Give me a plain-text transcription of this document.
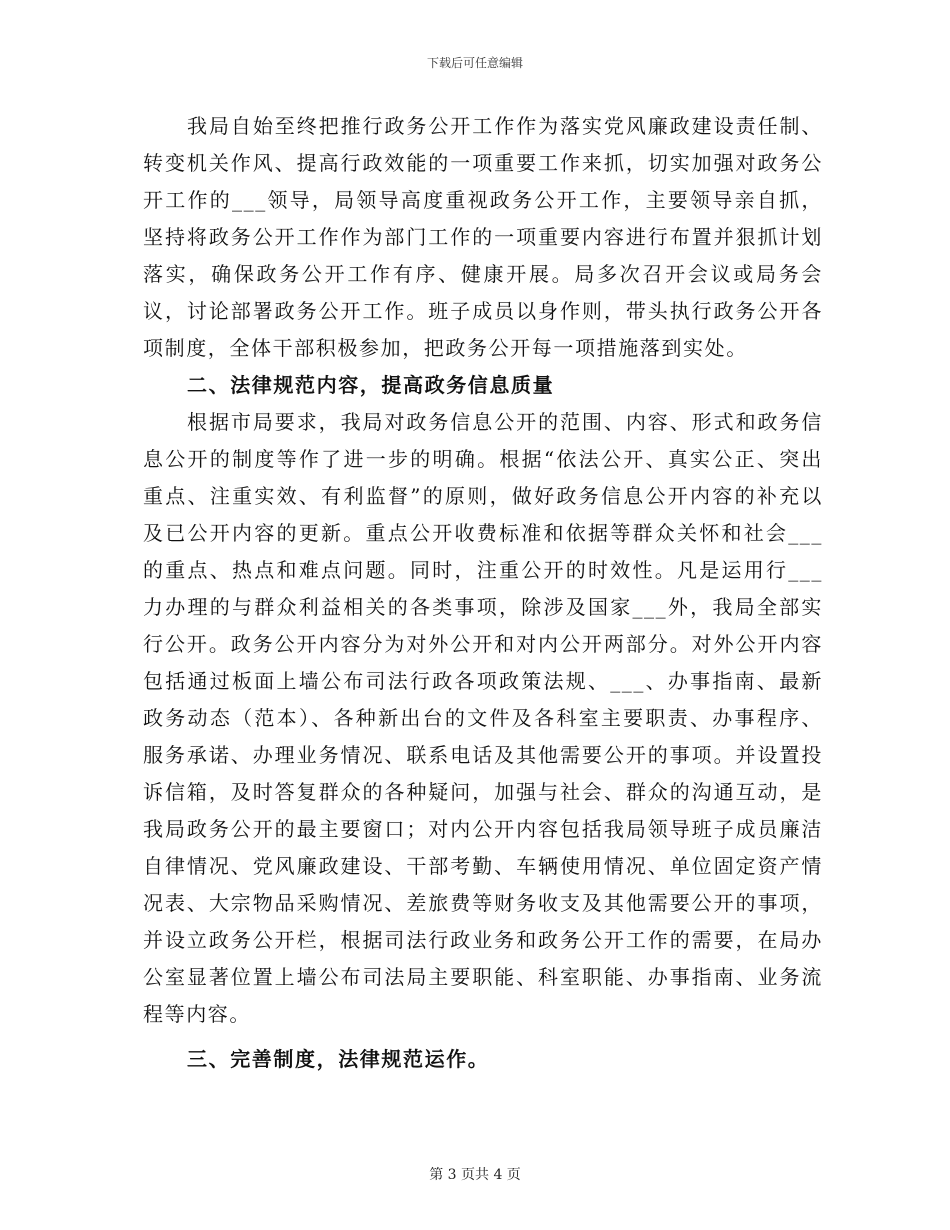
下载后可任意编辑

我局自始至终把推行政务公开工作作为落实党风廉政建设责任制、转变机关作风、提高行政效能的一项重要工作来抓，切实加强对政务公开工作的___领导，局领导高度重视政务公开工作，主要领导亲自抓，坚持将政务公开工作作为部门工作的一项重要内容进行布置并狠抓计划落实，确保政务公开工作有序、健康开展。局多次召开会议或局务会议，讨论部署政务公开工作。班子成员以身作则，带头执行政务公开各项制度，全体干部积极参加，把政务公开每一项措施落到实处。

二、法律规范内容，提高政务信息质量

根据市局要求，我局对政务信息公开的范围、内容、形式和政务信息公开的制度等作了进一步的明确。根据“依法公开、真实公正、突出重点、注重实效、有利监督”的原则，做好政务信息公开内容的补充以及已公开内容的更新。重点公开收费标准和依据等群众关怀和社会___的重点、热点和难点问题。同时，注重公开的时效性。凡是运用行___力办理的与群众利益相关的各类事项，除涉及国家___外，我局全部实行公开。政务公开内容分为对外公开和对内公开两部分。对外公开内容包括通过板面上墙公布司法行政各项政策法规、___、办事指南、最新政务动态（范本）、各种新出台的文件及各科室主要职责、办事程序、服务承诺、办理业务情况、联系电话及其他需要公开的事项。并设置投诉信箱，及时答复群众的各种疑问，加强与社会、群众的沟通互动，是我局政务公开的最主要窗口；对内公开内容包括我局领导班子成员廉洁自律情况、党风廉政建设、干部考勤、车辆使用情况、单位固定资产情况表、大宗物品采购情况、差旅费等财务收支及其他需要公开的事项，并设立政务公开栏，根据司法行政业务和政务公开工作的需要，在局办公室显著位置上墙公布司法局主要职能、科室职能、办事指南、业务流程等内容。

三、完善制度，法律规范运作。

第 3 页共 4 页
